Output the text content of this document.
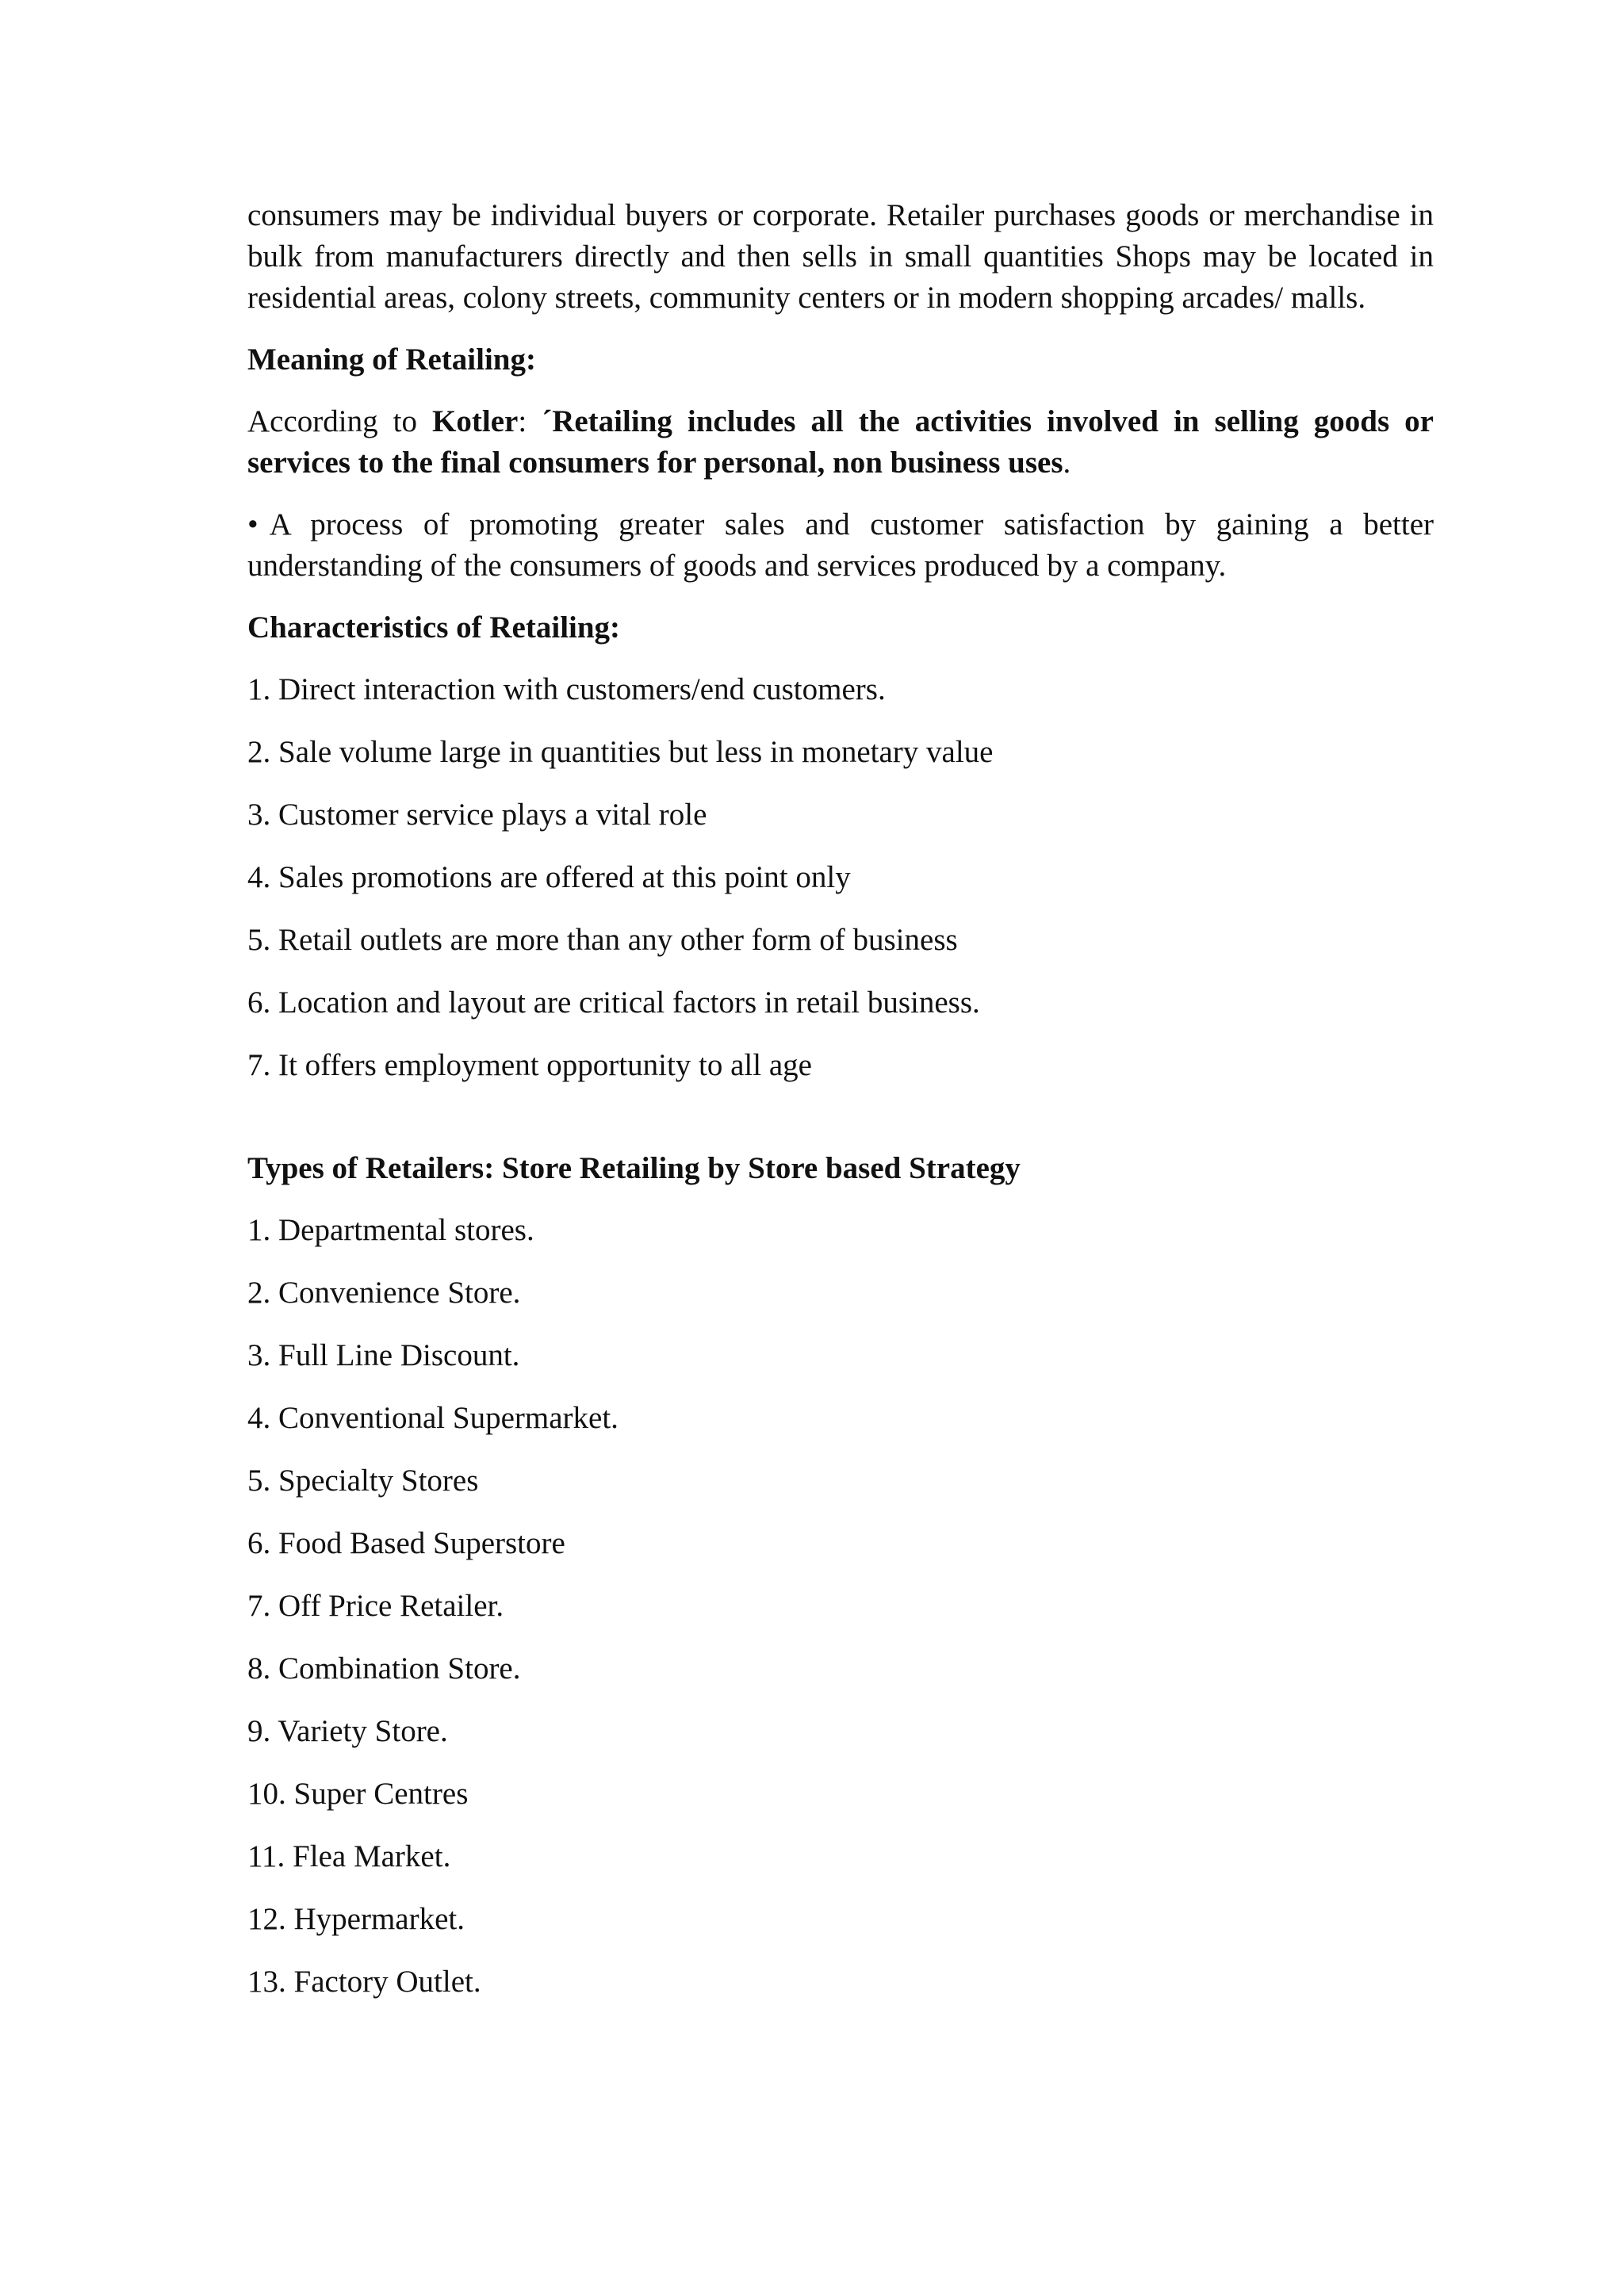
consumers may be individual buyers or corporate. Retailer purchases goods or merchandise in bulk from manufacturers directly and then sells in small quantities Shops may be located in residential areas, colony streets, community centers or in modern shopping arcades/ malls.

Meaning of Retailing:

According to Kotler: ´Retailing includes all the activities involved in selling goods or services to the final consumers for personal, non business uses.

• A process of promoting greater sales and customer satisfaction by gaining a better understanding of the consumers of goods and services produced by a company.

Characteristics of Retailing:

1. Direct interaction with customers/end customers.
2. Sale volume large in quantities but less in monetary value
3. Customer service plays a vital role
4. Sales promotions are offered at this point only
5. Retail outlets are more than any other form of business
6. Location and layout are critical factors in retail business.
7. It offers employment opportunity to all age

Types of Retailers: Store Retailing by Store based Strategy

1. Departmental stores.
2. Convenience Store.
3. Full Line Discount.
4. Conventional Supermarket.
5. Specialty Stores
6. Food Based Superstore
7. Off Price Retailer.
8. Combination Store.
9. Variety Store.
10. Super Centres
11. Flea Market.
12. Hypermarket.
13. Factory Outlet.
